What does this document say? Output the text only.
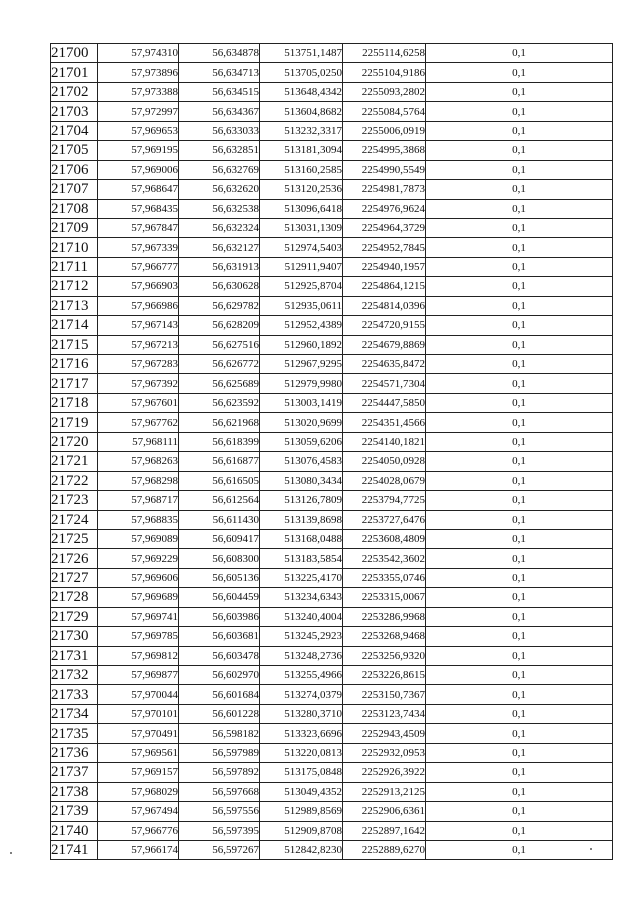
21700	57,974310	56,634878	513751,1487	2255114,6258	0,1
21701	57,973896	56,634713	513705,0250	2255104,9186	0,1
21702	57,973388	56,634515	513648,4342	2255093,2802	0,1
21703	57,972997	56,634367	513604,8682	2255084,5764	0,1
21704	57,969653	56,633033	513232,3317	2255006,0919	0,1
21705	57,969195	56,632851	513181,3094	2254995,3868	0,1
21706	57,969006	56,632769	513160,2585	2254990,5549	0,1
21707	57,968647	56,632620	513120,2536	2254981,7873	0,1
21708	57,968435	56,632538	513096,6418	2254976,9624	0,1
21709	57,967847	56,632324	513031,1309	2254964,3729	0,1
21710	57,967339	56,632127	512974,5403	2254952,7845	0,1
21711	57,966777	56,631913	512911,9407	2254940,1957	0,1
21712	57,966903	56,630628	512925,8704	2254864,1215	0,1
21713	57,966986	56,629782	512935,0611	2254814,0396	0,1
21714	57,967143	56,628209	512952,4389	2254720,9155	0,1
21715	57,967213	56,627516	512960,1892	2254679,8869	0,1
21716	57,967283	56,626772	512967,9295	2254635,8472	0,1
21717	57,967392	56,625689	512979,9980	2254571,7304	0,1
21718	57,967601	56,623592	513003,1419	2254447,5850	0,1
21719	57,967762	56,621968	513020,9699	2254351,4566	0,1
21720	57,968111	56,618399	513059,6206	2254140,1821	0,1
21721	57,968263	56,616877	513076,4583	2254050,0928	0,1
21722	57,968298	56,616505	513080,3434	2254028,0679	0,1
21723	57,968717	56,612564	513126,7809	2253794,7725	0,1
21724	57,968835	56,611430	513139,8698	2253727,6476	0,1
21725	57,969089	56,609417	513168,0488	2253608,4809	0,1
21726	57,969229	56,608300	513183,5854	2253542,3602	0,1
21727	57,969606	56,605136	513225,4170	2253355,0746	0,1
21728	57,969689	56,604459	513234,6343	2253315,0067	0,1
21729	57,969741	56,603986	513240,4004	2253286,9968	0,1
21730	57,969785	56,603681	513245,2923	2253268,9468	0,1
21731	57,969812	56,603478	513248,2736	2253256,9320	0,1
21732	57,969877	56,602970	513255,4966	2253226,8615	0,1
21733	57,970044	56,601684	513274,0379	2253150,7367	0,1
21734	57,970101	56,601228	513280,3710	2253123,7434	0,1
21735	57,970491	56,598182	513323,6696	2252943,4509	0,1
21736	57,969561	56,597989	513220,0813	2252932,0953	0,1
21737	57,969157	56,597892	513175,0848	2252926,3922	0,1
21738	57,968029	56,597668	513049,4352	2252913,2125	0,1
21739	57,967494	56,597556	512989,8569	2252906,6361	0,1
21740	57,966776	56,597395	512909,8708	2252897,1642	0,1
21741	57,966174	56,597267	512842,8230	2252889,6270	0,1
